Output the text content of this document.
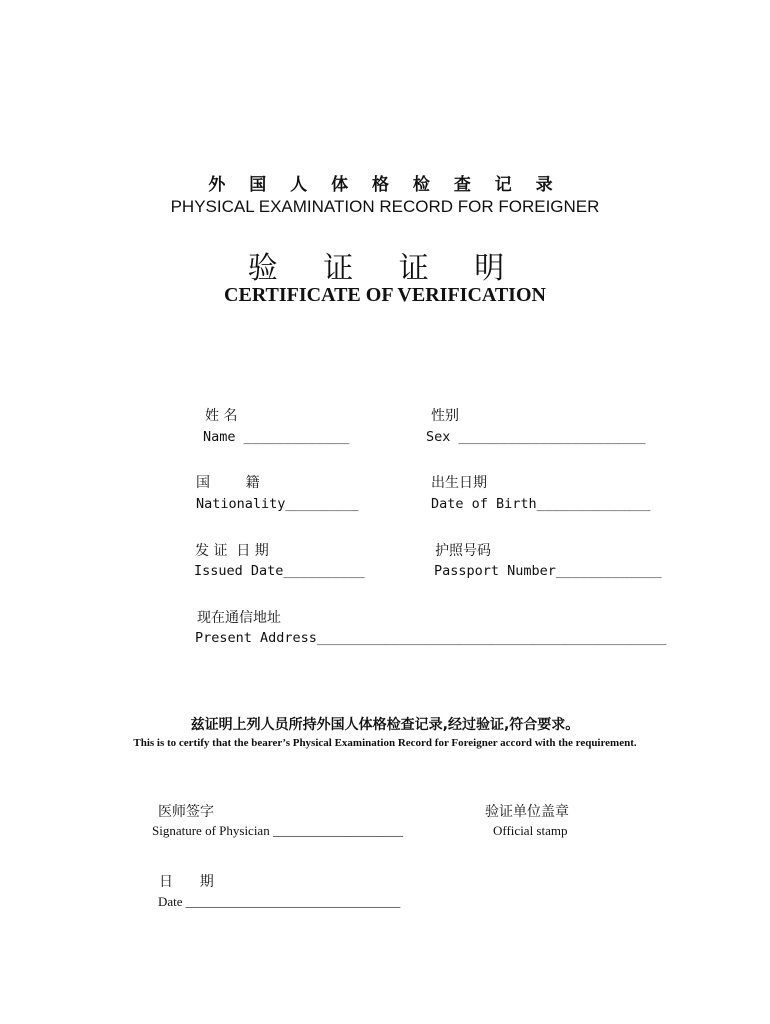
外 国 人 体 格 检 查 记 录
PHYSICAL EXAMINATION RECORD FOR FOREIGNER
验 证 证 明
CERTIFICATE OF VERIFICATION
姓 名
Name _____________
性别
Sex _______________________
国        籍
Nationality_________
出生日期
Date of Birth______________
发 证  日 期
Issued Date__________
护照号码
Passport Number_____________
现在通信地址
Present Address___________________________________________
兹证明上列人员所持外国人体格检查记录,经过验证,符合要求。
This is to certify that the bearer’s Physical Examination Record for Foreigner accord with the requirement.
医师签字
Signature of Physician ____________________
验证单位盖章
Official stamp
日      期
Date _________________________________
